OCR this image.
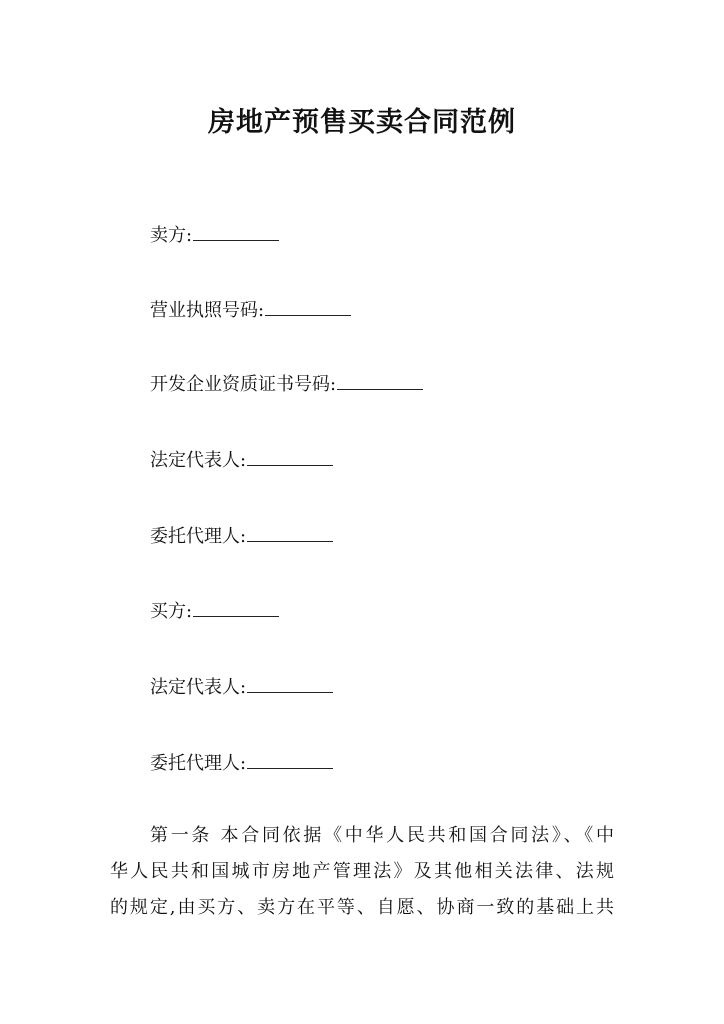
房地产预售买卖合同范例
卖方:
营业执照号码:
开发企业资质证书号码:
法定代表人:
委托代理人:
买方:
法定代表人:
委托代理人:
第一条 本合同依据《中华人民共和国合同法》、《中
华人民共和国城市房地产管理法》及其他相关法律、法规
的规定,由买方、卖方在平等、自愿、协商一致的基础上共
